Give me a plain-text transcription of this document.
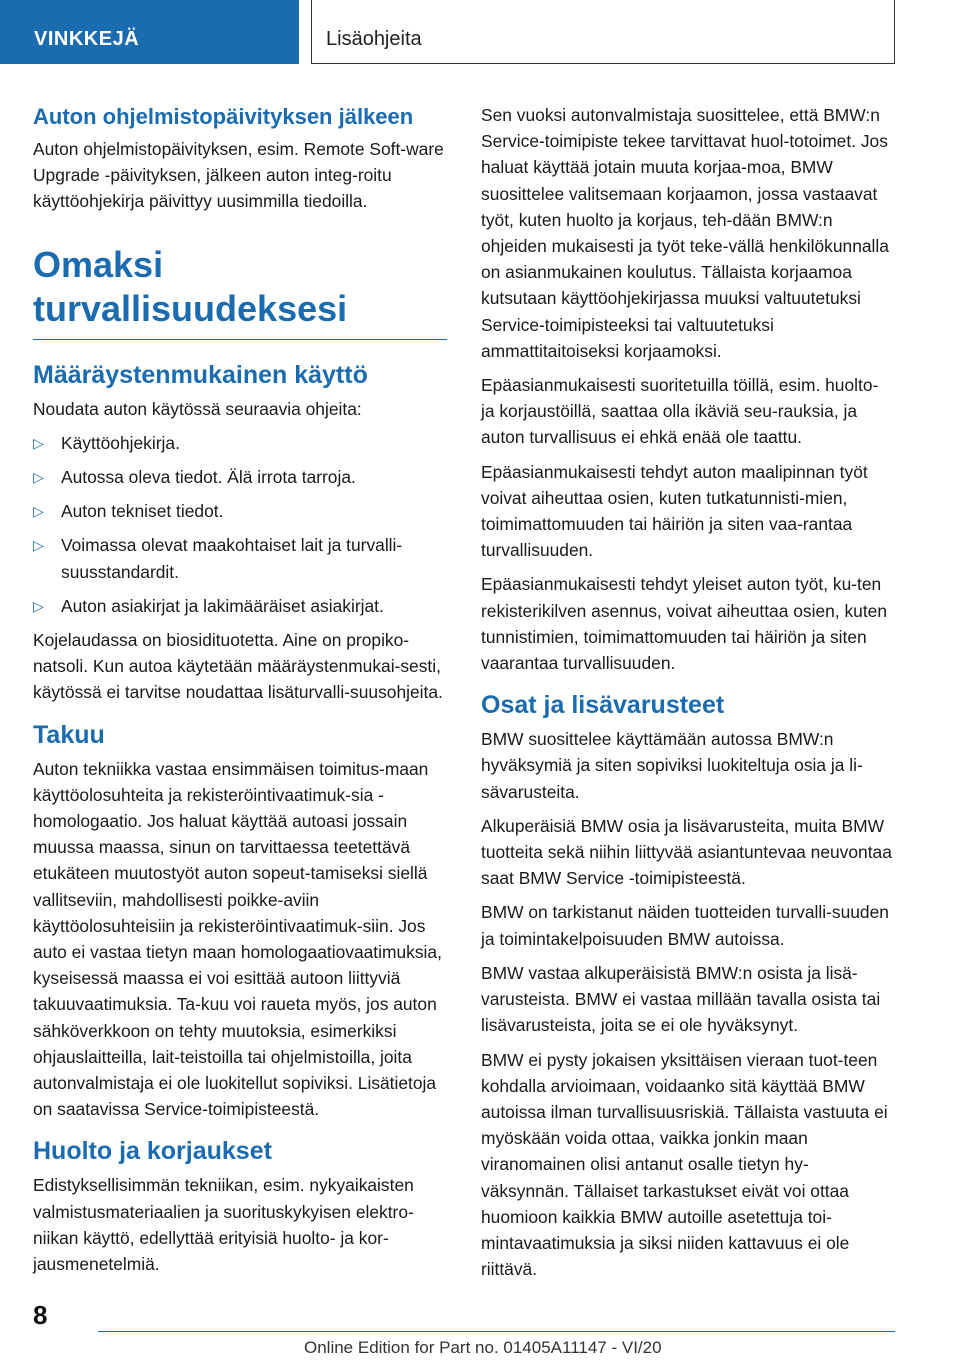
VINKKEJÄ	Lisäohjeita
Auton ohjelmistopäivityksen jälkeen

Auton ohjelmistopäivityksen, esim. Remote Soft-ware Upgrade -päivityksen, jälkeen auton integ-roitu käyttöohjekirja päivittyy uusimmilla tiedoilla.

Omaksi turvallisuudeksesi
Määräystenmukainen käyttö

Noudata auton käytössä seuraavia ohjeita:

▷ Käyttöohjekirja.
▷ Autossa oleva tiedot. Älä irrota tarroja.
▷ Auton tekniset tiedot.
▷ Voimassa olevat maakohtaiset lait ja turvalli-suusstandardit.
▷ Auton asiakirjat ja lakimääräiset asiakirjat.

Kojelaudassa on biosidituotetta. Aine on propiko-natsoli. Kun autoa käytetään määräystenmukai-sesti, käytössä ei tarvitse noudattaa lisäturvalli-suusohjeita.

Takuu

Auton tekniikka vastaa ensimmäisen toimitus-maan käyttöolosuhteita ja rekisteröintivaatimuk-sia - homologaatio. Jos haluat käyttää autoasi jossain muussa maassa, sinun on tarvittaessa teetettävä etukäteen muutostyöt auton sopeut-tamiseksi siellä vallitseviin, mahdollisesti poikke-aviin käyttöolosuhteisiin ja rekisteröintivaatimuk-siin. Jos auto ei vastaa tietyn maan homologaatiovaatimuksia, kyseisessä maassa ei voi esittää autoon liittyviä takuuvaatimuksia. Ta-kuu voi raueta myös, jos auton sähköverkkoon on tehty muutoksia, esimerkiksi ohjauslaitteilla, lait-teistoilla tai ohjelmistoilla, joita autonvalmistaja ei ole luokitellut sopiviksi. Lisätietoja on saatavissa Service-toimipisteestä.

Huolto ja korjaukset

Edistyksellisimmän tekniikan, esim. nykyaikaisten valmistusmateriaalien ja suorituskykyisen elektro-niikan käyttö, edellyttää erityisiä huolto- ja kor-jausmenetelmiä.

Sen vuoksi autonvalmistaja suosittelee, että BMW:n Service-toimipiste tekee tarvittavat huol-totoimet. Jos haluat käyttää jotain muuta korjaa-moa, BMW suosittelee valitsemaan korjaamon, jossa vastaavat työt, kuten huolto ja korjaus, teh-dään BMW:n ohjeiden mukaisesti ja työt teke-vällä henkilökunnalla on asianmukainen koulutus. Tällaista korjaamoa kutsutaan käyttöohjekirjassa muuksi valtuutetuksi Service-toimipisteeksi tai valtuutetuksi ammattitaitoiseksi korjaamoksi.

Epäasianmukaisesti suoritetuilla töillä, esim. huolto- ja korjaustöillä, saattaa olla ikäviä seu-rauksia, ja auton turvallisuus ei ehkä enää ole taattu.

Epäasianmukaisesti tehdyt auton maalipinnan työt voivat aiheuttaa osien, kuten tutkatunnisti-mien, toimimattomuuden tai häiriön ja siten vaa-rantaa turvallisuuden.

Epäasianmukaisesti tehdyt yleiset auton työt, ku-ten rekisterikilven asennus, voivat aiheuttaa osien, kuten tunnistimien, toimimattomuuden tai häiriön ja siten vaarantaa turvallisuuden.

Osat ja lisävarusteet

BMW suosittelee käyttämään autossa BMW:n hyväksymiä ja siten sopiviksi luokiteltuja osia ja li-sävarusteita.

Alkuperäisiä BMW osia ja lisävarusteita, muita BMW tuotteita sekä niihin liittyvää asiantuntevaa neuvontaa saat BMW Service -toimipisteestä.

BMW on tarkistanut näiden tuotteiden turvalli-suuden ja toimintakelpoisuuden BMW autoissa.

BMW vastaa alkuperäisistä BMW:n osista ja lisä-varusteista. BMW ei vastaa millään tavalla osista tai lisävarusteista, joita se ei ole hyväksynyt.

BMW ei pysty jokaisen yksittäisen vieraan tuot-teen kohdalla arvioimaan, voidaanko sitä käyttää BMW autoissa ilman turvallisuusriskiä. Tällaista vastuuta ei myöskään voida ottaa, vaikka jonkin maan viranomainen olisi antanut osalle tietyn hy-väksynnän. Tällaiset tarkastukset eivät voi ottaa huomioon kaikkia BMW autoille asetettuja toi-mintavaatimuksia ja siksi niiden kattavuus ei ole riittävä.

8
Online Edition for Part no. 01405A11147 - VI/20
